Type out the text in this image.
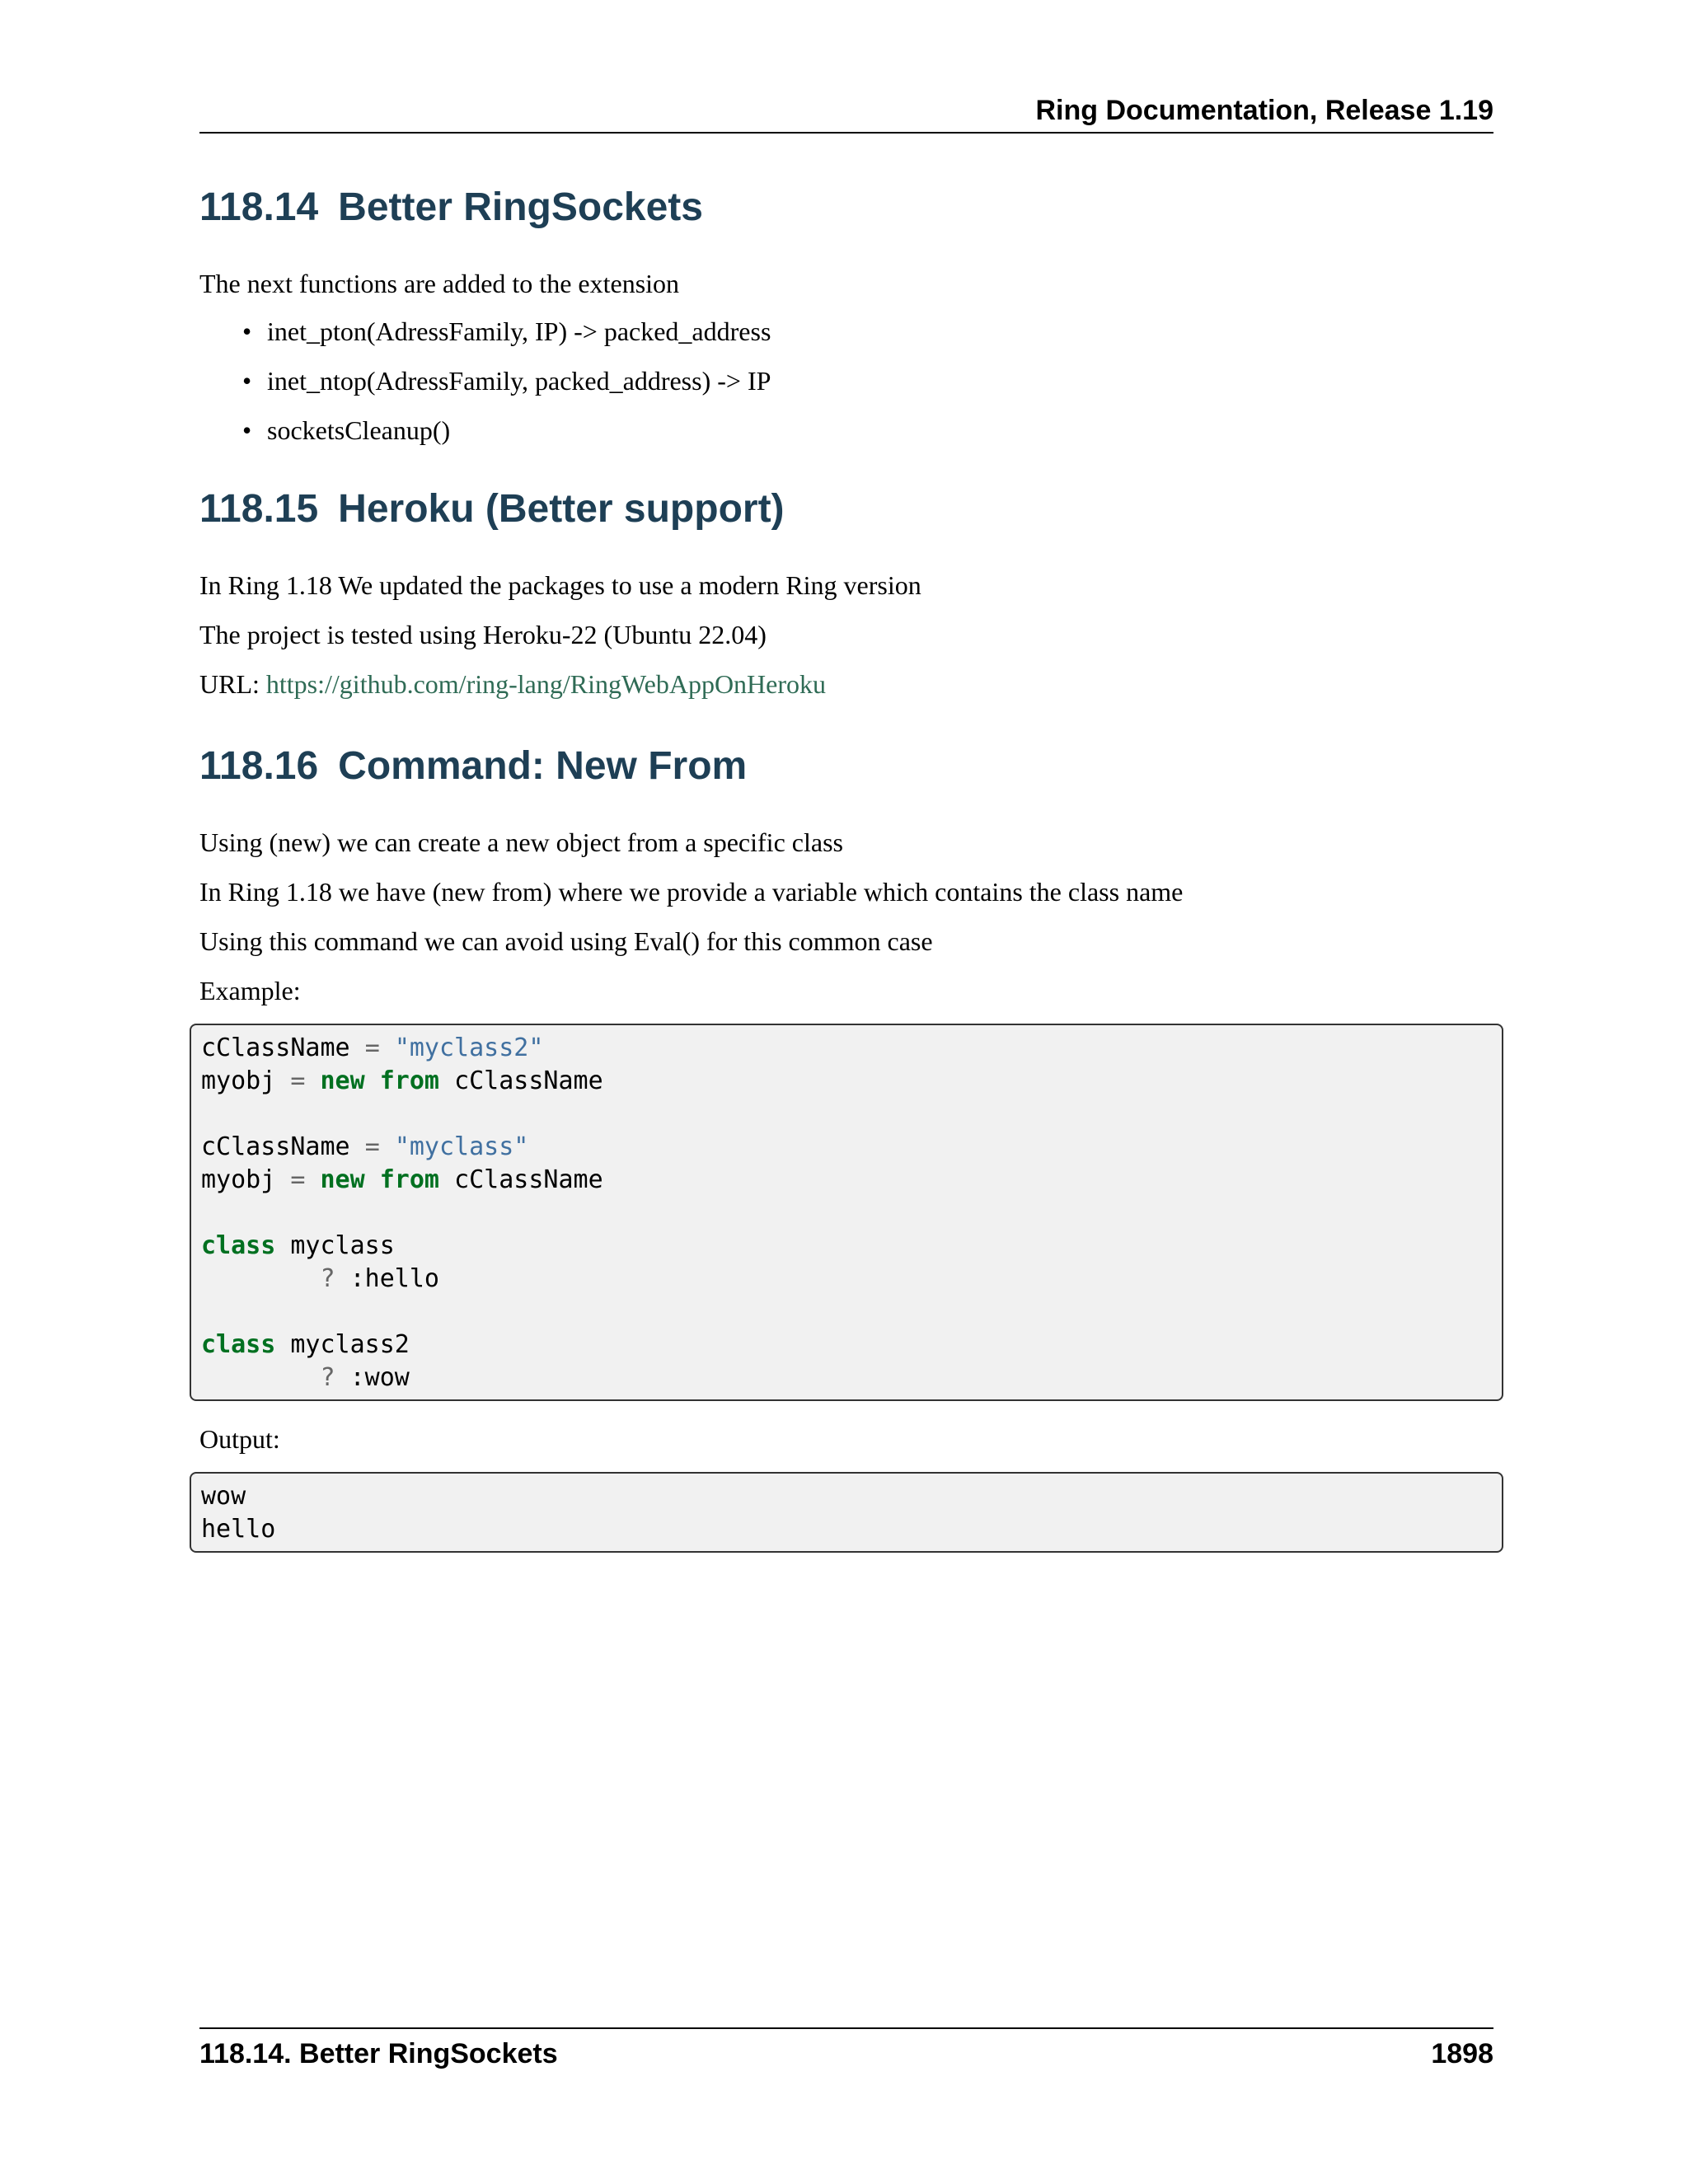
Ring Documentation, Release 1.19
118.14 Better RingSockets

The next functions are added to the extension

• inet_pton(AdressFamily, IP) -> packed_address
• inet_ntop(AdressFamily, packed_address) -> IP
• socketsCleanup()
118.15 Heroku (Better support)

In Ring 1.18 We updated the packages to use a modern Ring version

The project is tested using Heroku-22 (Ubuntu 22.04)

URL: https://github.com/ring-lang/RingWebAppOnHeroku

118.16 Command: New From

Using (new) we can create a new object from a specific class

In Ring 1.18 we have (new from) where we provide a variable which contains the class name

Using this command we can avoid using Eval() for this common case

Example:

cClassName = "myclass2"
myobj = new from cClassName

cClassName = "myclass"
myobj = new from cClassName

class myclass
? :hello

class myclass2
? :wow

Output:

wow
hello
118.14. Better RingSockets	1898
